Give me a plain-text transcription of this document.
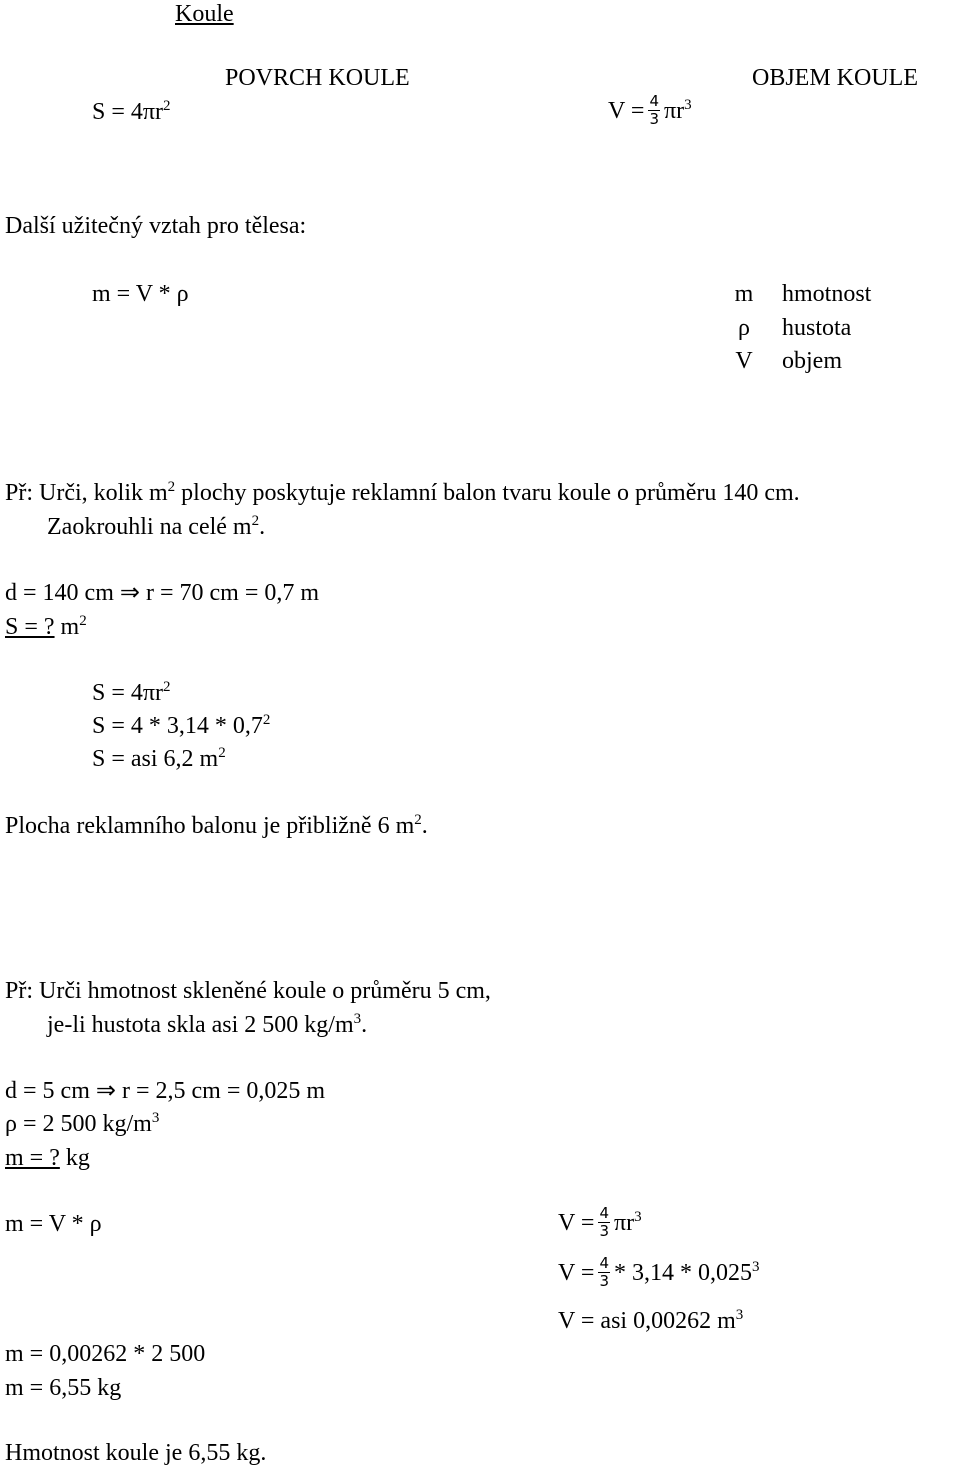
Koule
POVRCH KOULE	OBJEM KOULE
$S = 4\pi r^2$	$V = \frac{4}{3} \pi r^3$
Další užitečný vztah pro tělesa:
m = V * ρ	m hmotnost
ρ hustota
V objem
Př: Urči, kolik $m^2$ plochy poskytuje reklamní balon tvaru koule o průměru 140 cm.
Zaokrouhli na celé $m^2$.
d = 140 cm ⇒ r = 70 cm = 0,7 m
S = ? $m^2$
$S = 4\pi r^2$
$S = 4 * 3,14 * 0,7^2$
S = asi 6,2 $m^2$
Plocha reklamního balonu je přibližně 6 $m^2$.
Př: Urči hmotnost skleněné koule o průměru 5 cm,
je-li hustota skla asi 2 500 $kg/m^3$.
d = 5 cm ⇒ r = 2,5 cm = 0,025 m
ρ = 2 500 $kg/m^3$
m = ? kg
m = V * ρ	$V = \frac{4}{3} \pi r^3$
$V = \frac{4}{3} * 3,14 * 0,025^3$
V = asi 0,00262 $m^3$
m = 0,00262 * 2 500
m = 6,55 kg
Hmotnost koule je 6,55 kg.
